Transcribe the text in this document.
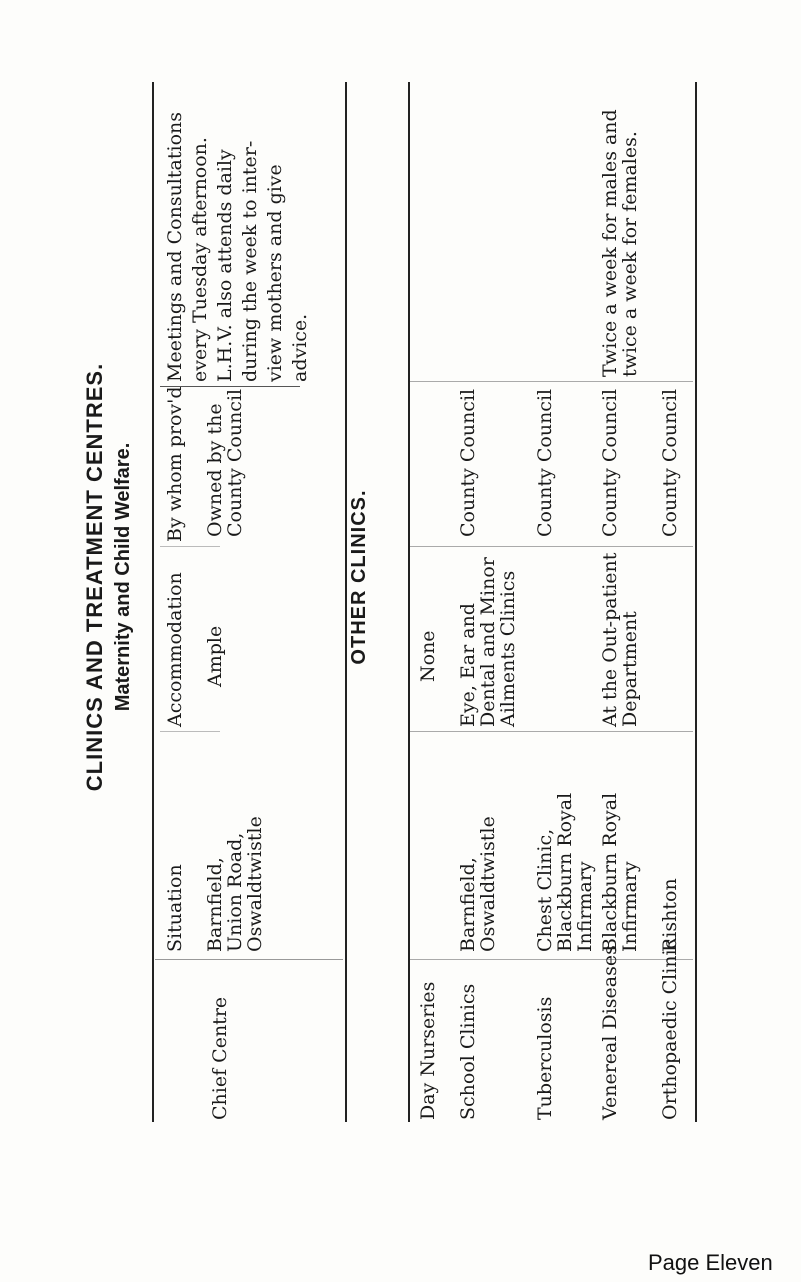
CLINICS AND TREATMENT CENTRES. Maternity and Child Welfare.
Chief Centre
Situation Barnfield,
Union Road,
Oswaldtwistle
Accommodation Ample
By whom prov'd Owned by the
County Council
Meetings and Consultations every Tuesday afternoon. L.H.V. also attends daily during the week to inter- view mothers and give advice.
OTHER CLINICS.
Day Nurseries
None
School Clinics
Barnfield,
Oswaldtwistle
Eye, Ear and
Dental and Minor
Ailments Clinics
County Council
Tuberculosis
Chest Clinic,
Blackburn Royal
Infirmary
County Council
Venereal Diseases
Blackburn Royal
Infirmary
At the Out-patient
Department
County Council
Twice a week for males and
twice a week for females.
Orthopaedic Clinic
Rishton
County Council
Page Eleven
